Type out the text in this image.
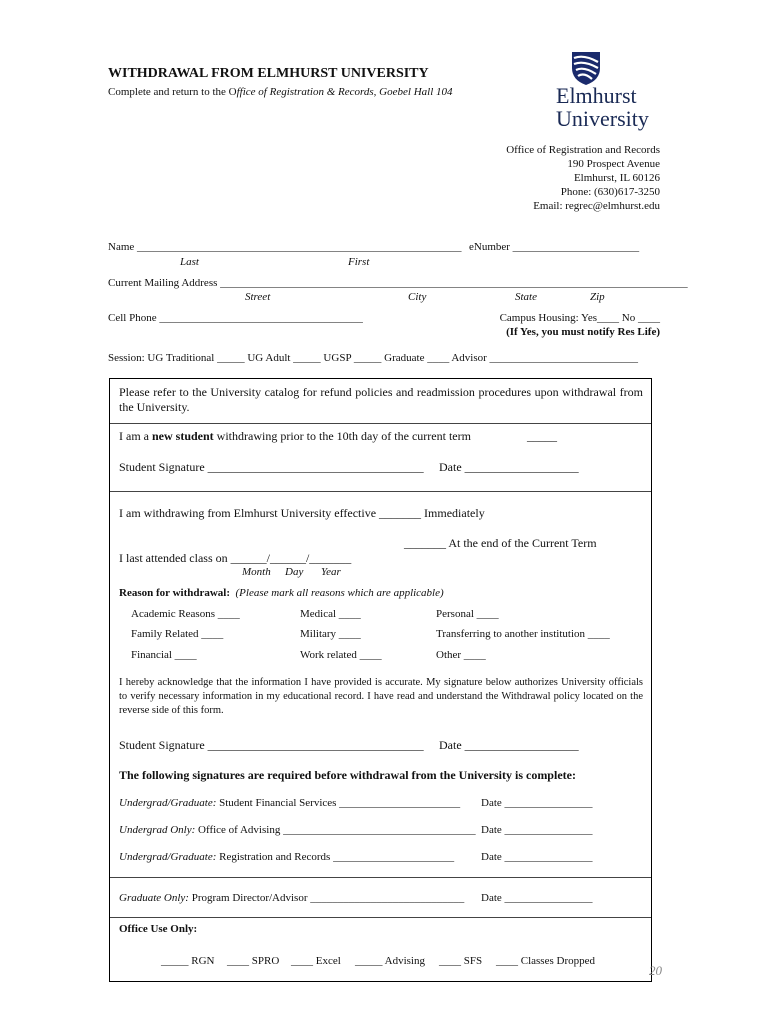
WITHDRAWAL FROM ELMHURST UNIVERSITY
Complete and return to the Office of Registration & Records, Goebel Hall 104	Elmhurst
University
Office of Registration and Records
190 Prospect Avenue
Elmhurst, IL 60126
Phone: (630)617-3250
Email: regrec@elmhurst.edu
Name ___________________________________________________________ eNumber _______________________
Last	First
Current Mailing Address _____________________________________________________________________________________
Street	City	State	Zip
Cell Phone _____________________________________	Campus Housing: Yes____ No ____
(If Yes, you must notify Res Life)
Session: UG Traditional _____ UG Adult _____ UGSP _____ Graduate ____ Advisor ___________________________
Please refer to the University catalog for refund policies and readmission procedures upon withdrawal from the University.
I am a new student withdrawing prior to the 10th day of the current term	_____
Student Signature ____________________________________ Date ___________________
I am withdrawing from Elmhurst University effective _______ Immediately
_______ At the end of the Current Term
I last attended class on ______/______/_______
Month Day Year
Reason for withdrawal: (Please mark all reasons which are applicable)
Academic Reasons ____	Medical ____	Personal ____
Family Related ____	Military ____	Transferring to another institution ____
Financial ____	Work related ____	Other ____
I hereby acknowledge that the information I have provided is accurate. My signature below authorizes University officials to verify necessary information in my educational record. I have read and understand the Withdrawal policy located on the reverse side of this form.
Student Signature ____________________________________ Date ___________________
The following signatures are required before withdrawal from the University is complete:
Undergrad/Graduate: Student Financial Services ______________________ Date ________________
Undergrad Only: Office of Advising ___________________________________ Date ________________
Undergrad/Graduate: Registration and Records ______________________ Date ________________
Graduate Only: Program Director/Advisor ____________________________ Date ________________
Office Use Only:
_____ RGN ____ SPRO ____ Excel _____ Advising ____ SFS ____ Classes Dropped
20
